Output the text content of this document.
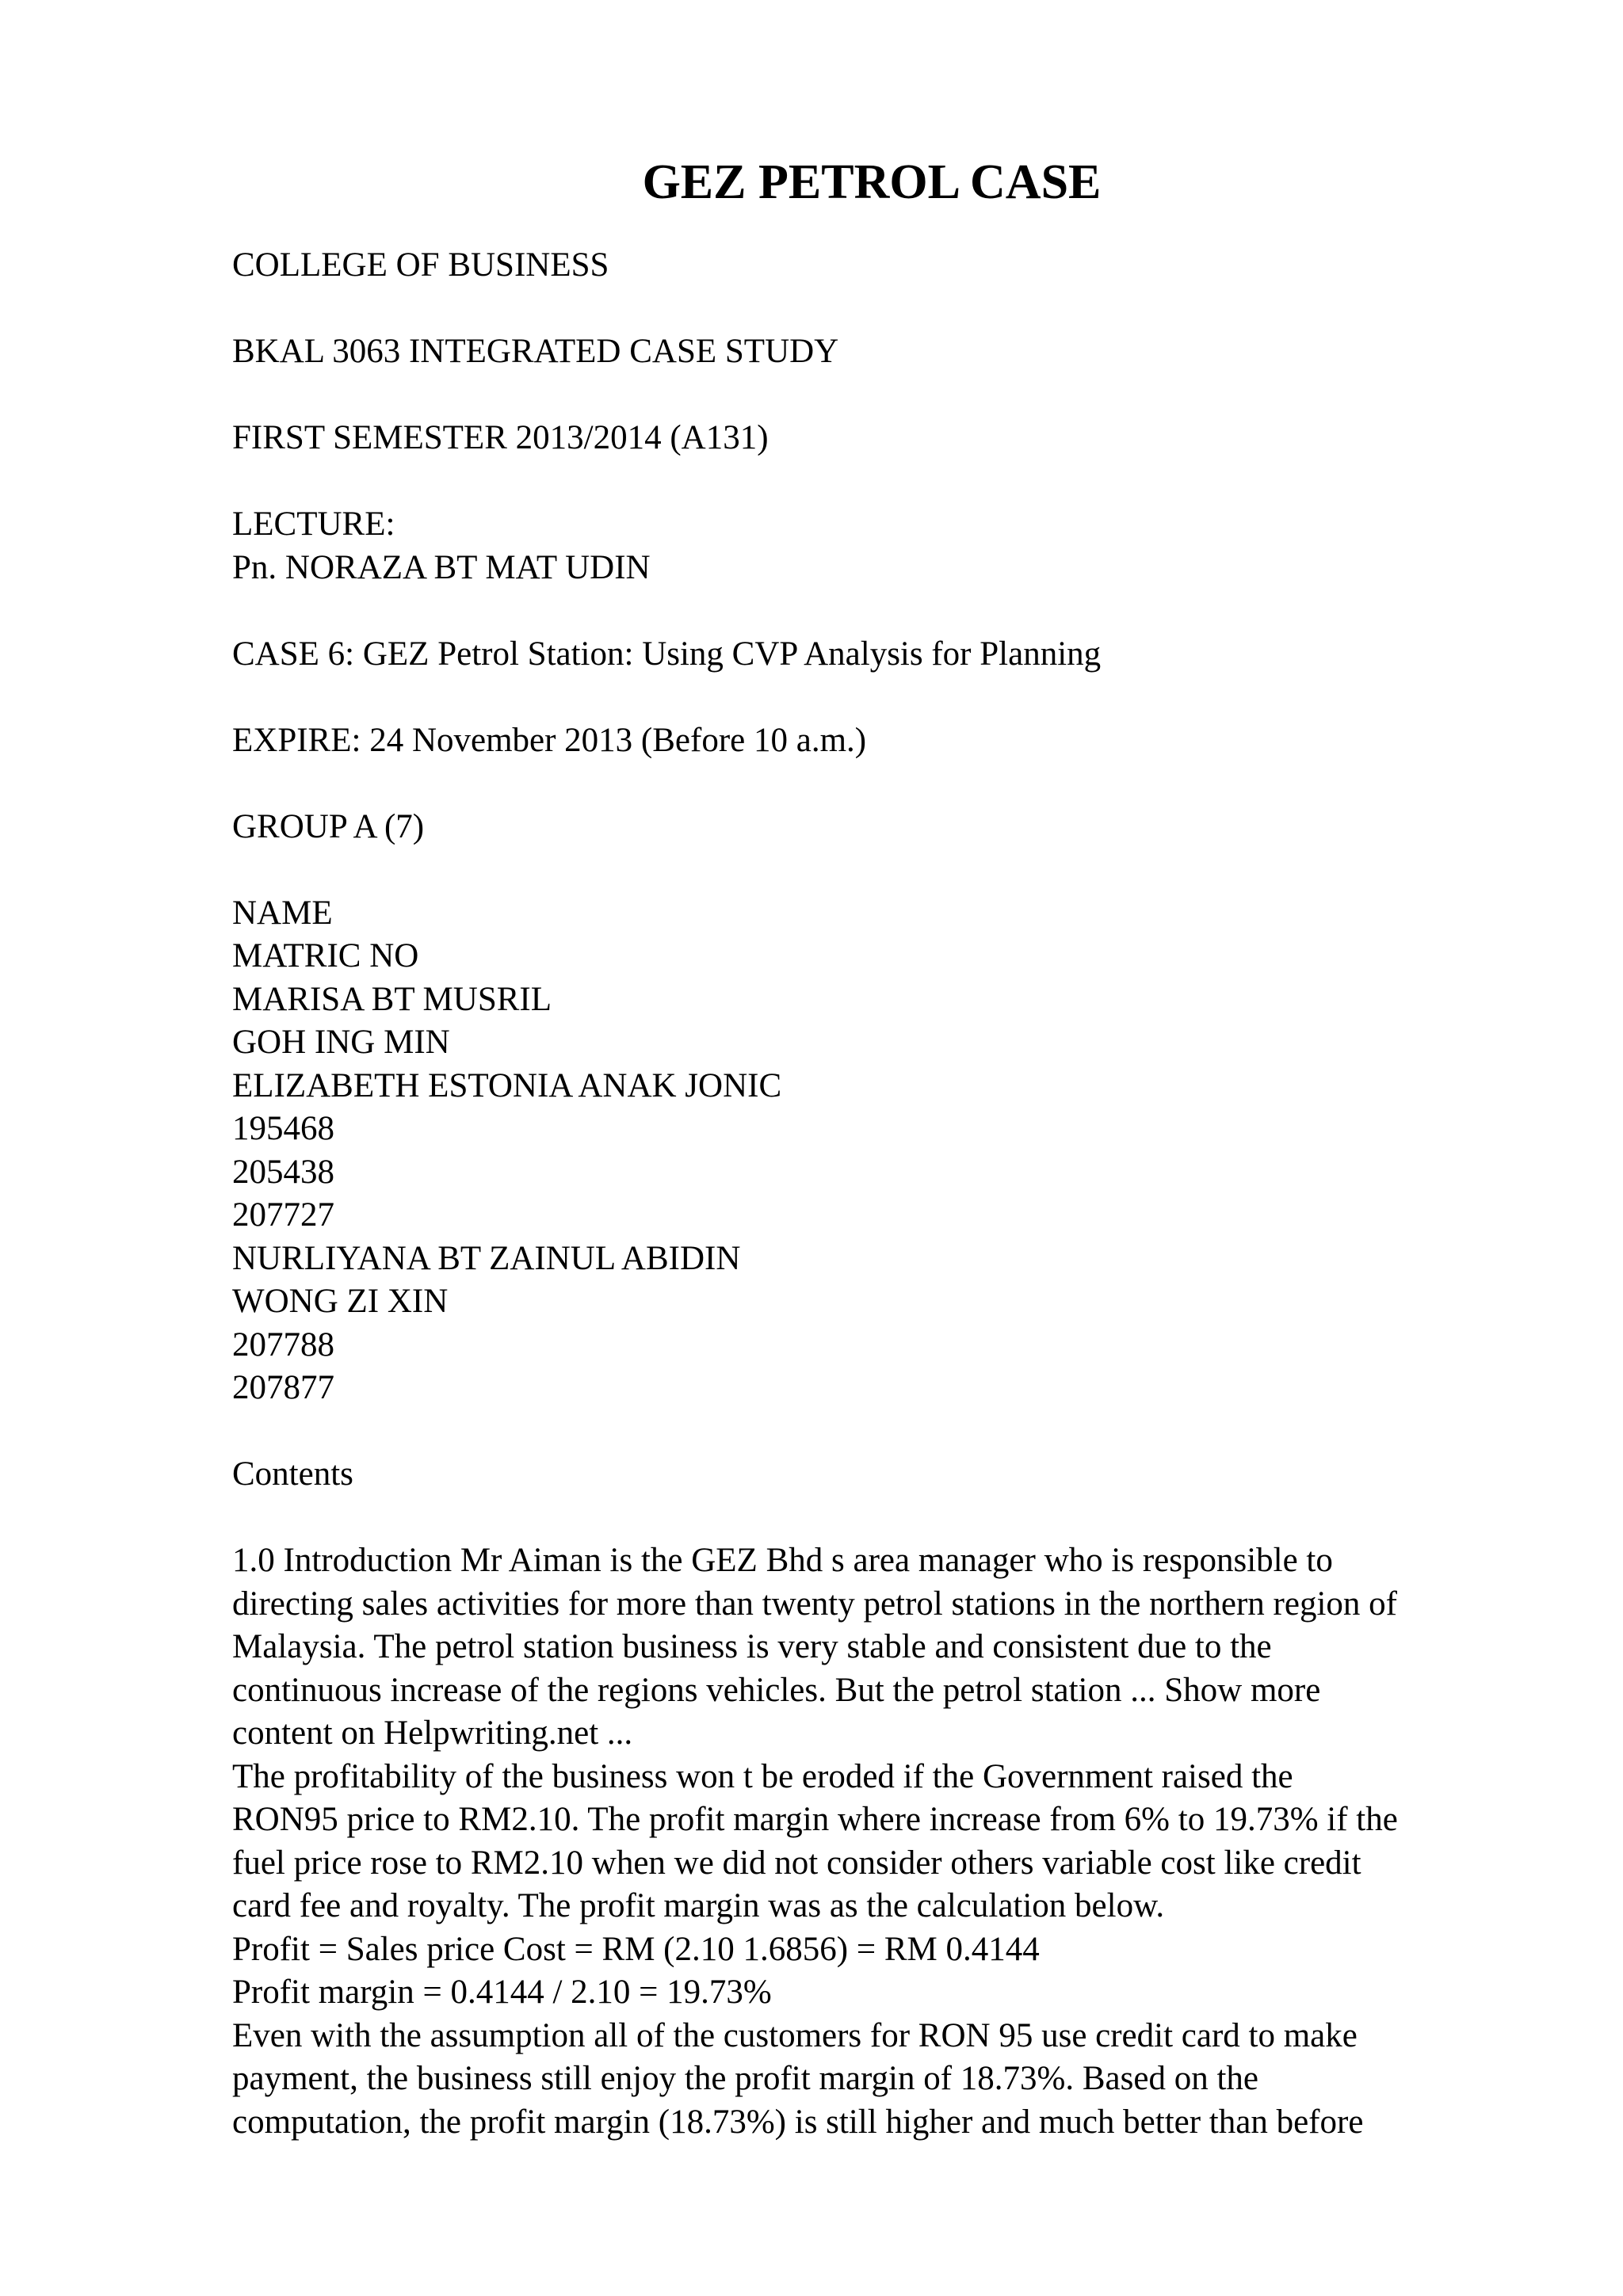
GEZ PETROL CASE
COLLEGE OF BUSINESS
BKAL 3063 INTEGRATED CASE STUDY
FIRST SEMESTER 2013/2014 (A131)
LECTURE:
Pn. NORAZA BT MAT UDIN
CASE 6: GEZ Petrol Station: Using CVP Analysis for Planning
EXPIRE: 24 November 2013 (Before 10 a.m.)
GROUP A (7)
NAME
MATRIC NO
MARISA BT MUSRIL
GOH ING MIN
ELIZABETH ESTONIA ANAK JONIC
195468
205438
207727
NURLIYANA BT ZAINUL ABIDIN
WONG ZI XIN
207788
207877
Contents
1.0 Introduction Mr Aiman is the GEZ Bhd s area manager who is responsible to
directing sales activities for more than twenty petrol stations in the northern region of
Malaysia. The petrol station business is very stable and consistent due to the
continuous increase of the regions vehicles. But the petrol station ... Show more
content on Helpwriting.net ...
The profitability of the business won t be eroded if the Government raised the
RON95 price to RM2.10. The profit margin where increase from 6% to 19.73% if the
fuel price rose to RM2.10 when we did not consider others variable cost like credit
card fee and royalty. The profit margin was as the calculation below.
Profit = Sales price Cost = RM (2.10 1.6856) = RM 0.4144
Profit margin = 0.4144 / 2.10 = 19.73%
Even with the assumption all of the customers for RON 95 use credit card to make
payment, the business still enjoy the profit margin of 18.73%. Based on the
computation, the profit margin (18.73%) is still higher and much better than before
